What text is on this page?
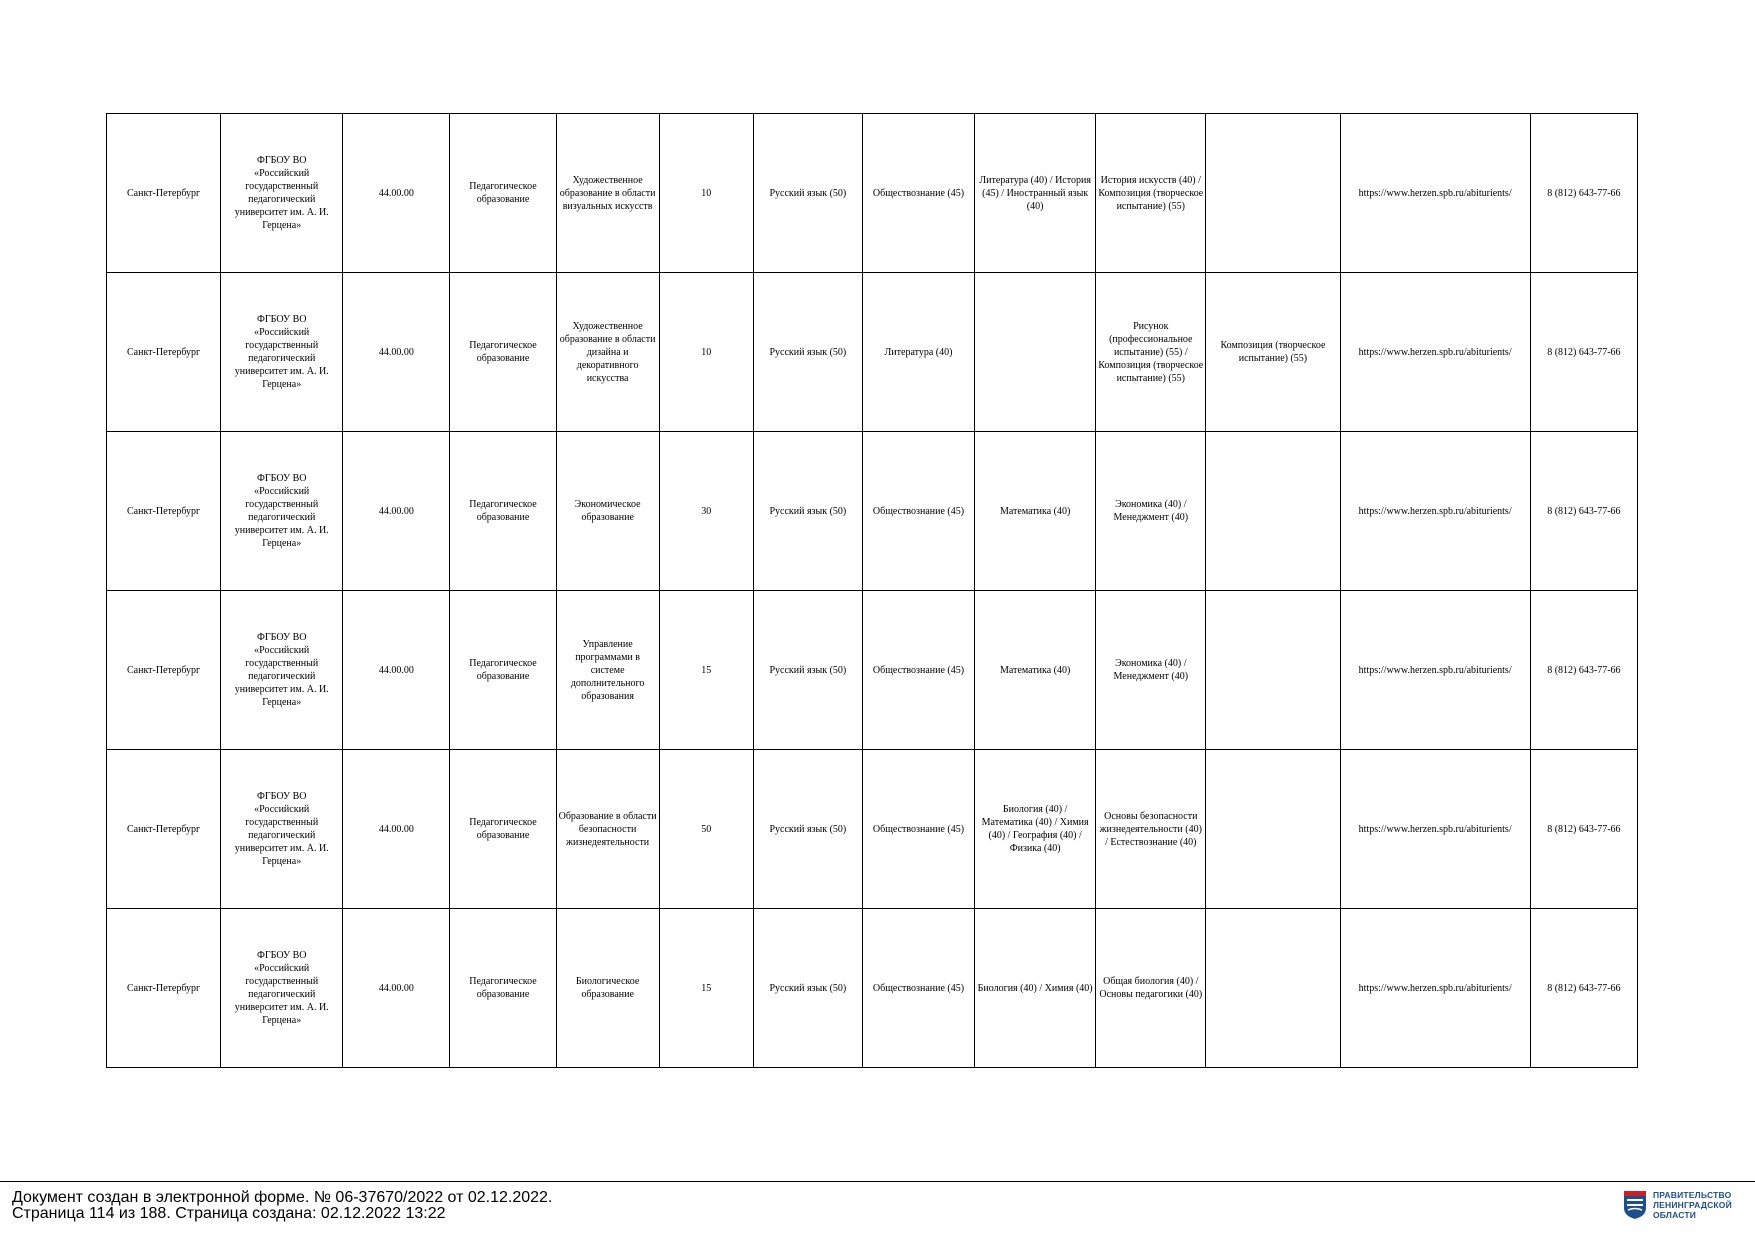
Санкт-Петербург	ФГБОУ ВО
«Российский государственный педагогический университет им. А. И. Герцена»	44.00.00	Педагогическое образование	Художественное образование в области визуальных искусств	10	Русский язык (50)	Обществознание (45)	Литература (40) / История (45) / Иностранный язык (40)	История искусств (40) / Композиция (творческое испытание) (55)		https://www.herzen.spb.ru/abiturients/	8 (812) 643-77-66
Санкт-Петербург	ФГБОУ ВО
«Российский государственный педагогический университет им. А. И. Герцена»	44.00.00	Педагогическое образование	Художественное образование в области дизайна и декоративного искусства	10	Русский язык (50)	Литература (40)		Рисунок (профессиональное испытание) (55) / Композиция (творческое испытание) (55)	Композиция (творческое испытание) (55)	https://www.herzen.spb.ru/abiturients/	8 (812) 643-77-66
Санкт-Петербург	ФГБОУ ВО
«Российский государственный педагогический университет им. А. И. Герцена»	44.00.00	Педагогическое образование	Экономическое образование	30	Русский язык (50)	Обществознание (45)	Математика (40)	Экономика (40) / Менеджмент (40)		https://www.herzen.spb.ru/abiturients/	8 (812) 643-77-66
Санкт-Петербург	ФГБОУ ВО
«Российский государственный педагогический университет им. А. И. Герцена»	44.00.00	Педагогическое образование	Управление программами в системе дополнительного образования	15	Русский язык (50)	Обществознание (45)	Математика (40)	Экономика (40) / Менеджмент (40)		https://www.herzen.spb.ru/abiturients/	8 (812) 643-77-66
Санкт-Петербург	ФГБОУ ВО
«Российский государственный педагогический университет им. А. И. Герцена»	44.00.00	Педагогическое образование	Образование в области безопасности жизнедеятельности	50	Русский язык (50)	Обществознание (45)	Биология (40) / Математика (40) / Химия (40) / География (40) / Физика (40)	Основы безопасности жизнедеятельности (40) / Естествознание (40)		https://www.herzen.spb.ru/abiturients/	8 (812) 643-77-66
Санкт-Петербург	ФГБОУ ВО
«Российский государственный педагогический университет им. А. И. Герцена»	44.00.00	Педагогическое образование	Биологическое образование	15	Русский язык (50)	Обществознание (45)	Биология (40) / Химия (40)	Общая биология (40) / Основы педагогики (40)		https://www.herzen.spb.ru/abiturients/	8 (812) 643-77-66
Документ создан в электронной форме. № 06-37670/2022 от 02.12.2022.
Страница 114 из 188. Страница создана: 02.12.2022 13:22
ПРАВИТЕЛЬСТВО
ЛЕНИНГРАДСКОЙ
ОБЛАСТИ
